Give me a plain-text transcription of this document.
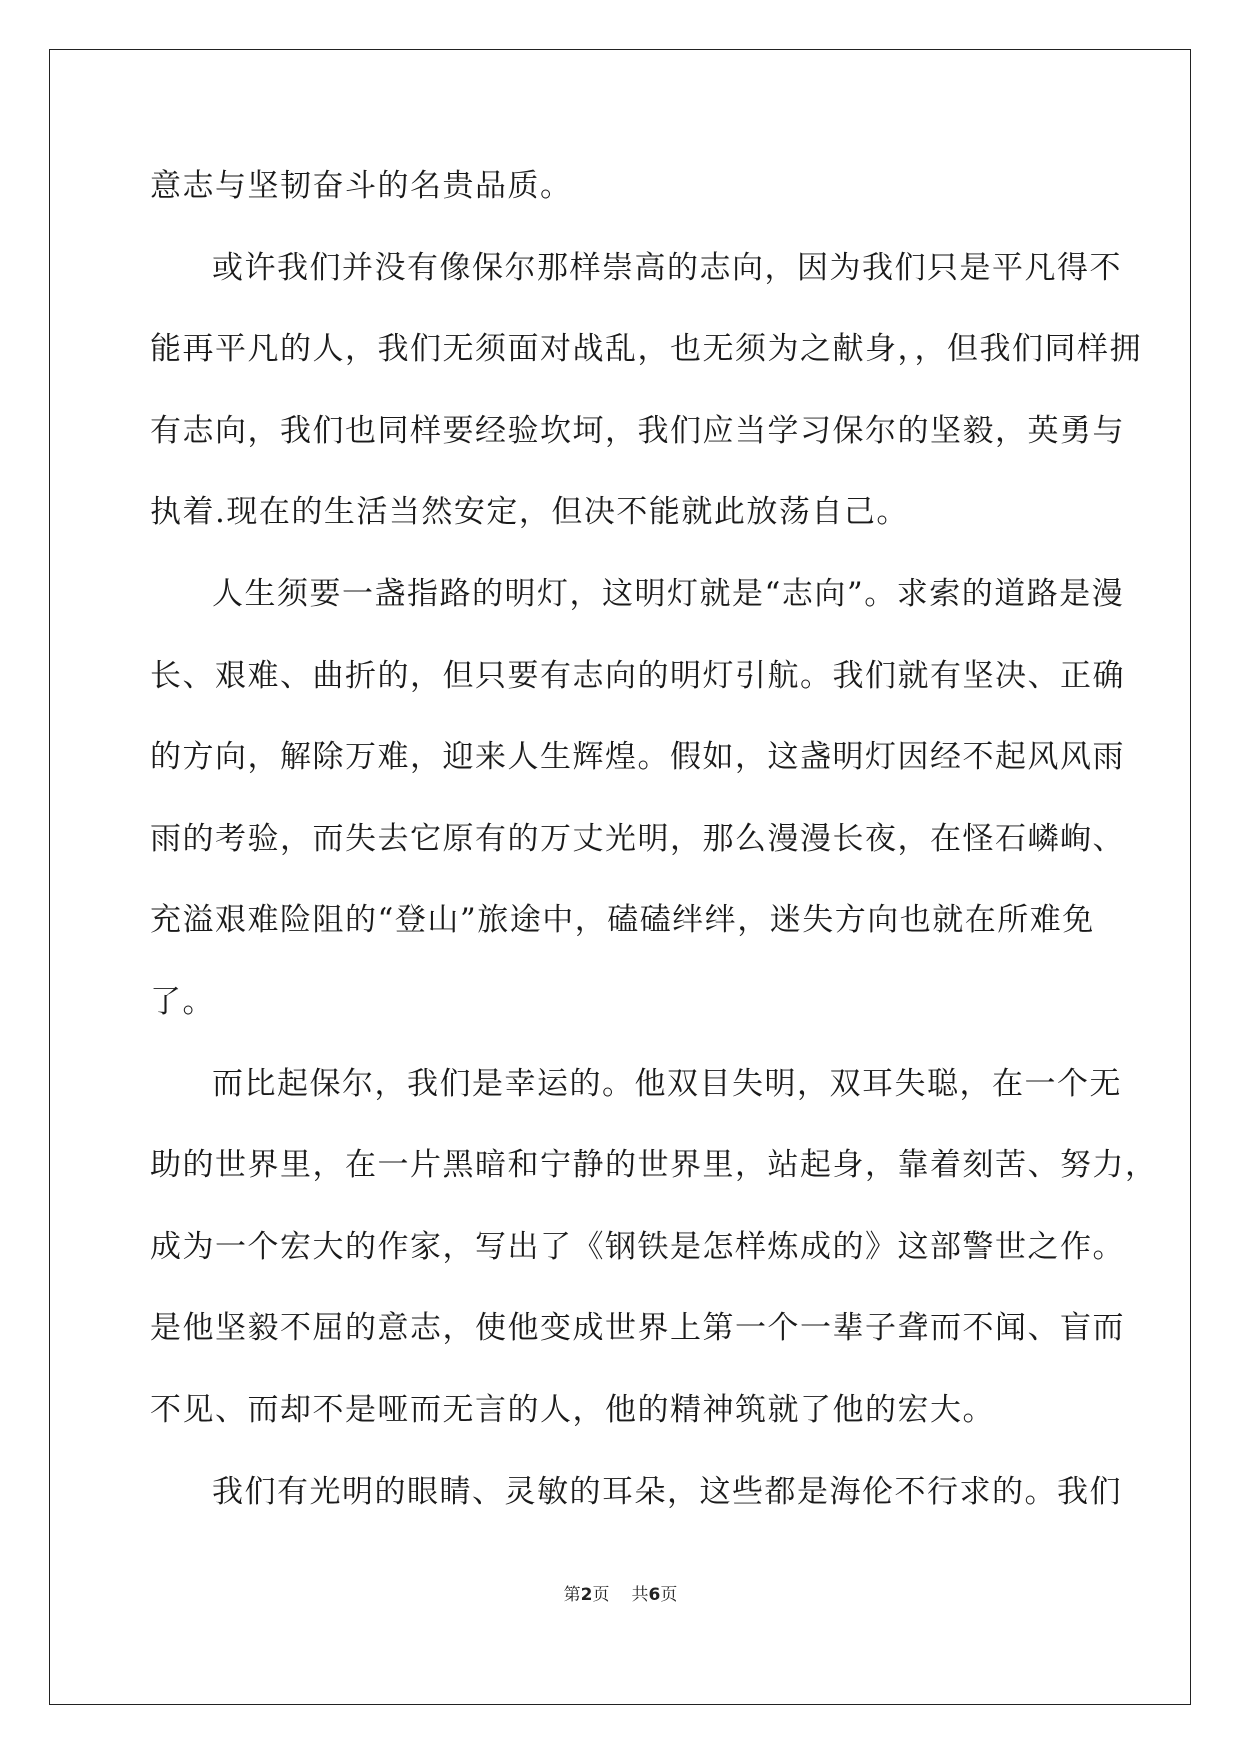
意志与坚韧奋斗的名贵品质。
或许我们并没有像保尔那样崇高的志向，因为我们只是平凡得不
能再平凡的人，我们无须面对战乱，也无须为之献身，，但我们同样拥
有志向，我们也同样要经验坎坷，我们应当学习保尔的坚毅，英勇与
执着.现在的生活当然安定，但决不能就此放荡自己。
人生须要一盏指路的明灯，这明灯就是“志向”。求索的道路是漫
长、艰难、曲折的，但只要有志向的明灯引航。我们就有坚决、正确
的方向，解除万难，迎来人生辉煌。假如，这盏明灯因经不起风风雨
雨的考验，而失去它原有的万丈光明，那么漫漫长夜，在怪石嶙峋、
充溢艰难险阻的“登山”旅途中，磕磕绊绊，迷失方向也就在所难免
了。
而比起保尔，我们是幸运的。他双目失明，双耳失聪，在一个无
助的世界里，在一片黑暗和宁静的世界里，站起身，靠着刻苦、努力，
成为一个宏大的作家，写出了《钢铁是怎样炼成的》这部警世之作。
是他坚毅不屈的意志，使他变成世界上第一个一辈子聋而不闻、盲而
不见、而却不是哑而无言的人，他的精神筑就了他的宏大。
我们有光明的眼睛、灵敏的耳朵，这些都是海伦不行求的。我们
第2页 共6页
